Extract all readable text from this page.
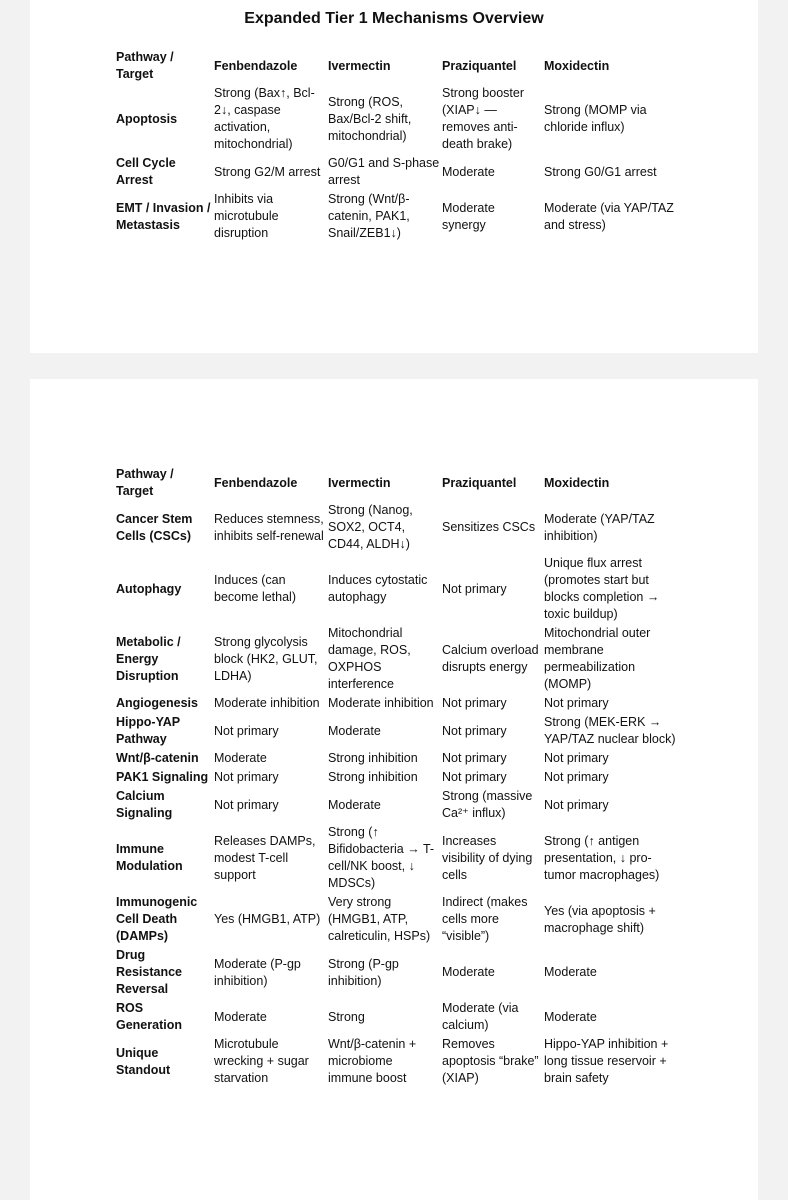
Expanded Tier 1 Mechanisms Overview
Pathway / Target	Fenbendazole	Ivermectin	Praziquantel	Moxidectin
Apoptosis	Strong (Bax↑, Bcl-2↓, caspase activation, mitochondrial)	Strong (ROS, Bax/Bcl-2 shift, mitochondrial)	Strong booster (XIAP↓ — removes anti-death brake)	Strong (MOMP via chloride influx)
Cell Cycle Arrest	Strong G2/M arrest	G0/G1 and S-phase arrest	Moderate	Strong G0/G1 arrest
EMT / Invasion / Metastasis	Inhibits via microtubule disruption	Strong (Wnt/β-catenin, PAK1, Snail/ZEB1↓)	Moderate synergy	Moderate (via YAP/TAZ and stress)
Pathway / Target	Fenbendazole	Ivermectin	Praziquantel	Moxidectin
Cancer Stem Cells (CSCs)	Reduces stemness, inhibits self-renewal	Strong (Nanog, SOX2, OCT4, CD44, ALDH↓)	Sensitizes CSCs	Moderate (YAP/TAZ inhibition)
Autophagy	Induces (can become lethal)	Induces cytostatic autophagy	Not primary	Unique flux arrest (promotes start but blocks completion → toxic buildup)
Metabolic / Energy Disruption	Strong glycolysis block (HK2, GLUT, LDHA)	Mitochondrial damage, ROS, OXPHOS interference	Calcium overload disrupts energy	Mitochondrial outer membrane permeabilization (MOMP)
Angiogenesis	Moderate inhibition	Moderate inhibition	Not primary	Not primary
Hippo-YAP Pathway	Not primary	Moderate	Not primary	Strong (MEK-ERK → YAP/TAZ nuclear block)
Wnt/β-catenin	Moderate	Strong inhibition	Not primary	Not primary
PAK1 Signaling	Not primary	Strong inhibition	Not primary	Not primary
Calcium Signaling	Not primary	Moderate	Strong (massive Ca²⁺ influx)	Not primary
Immune Modulation	Releases DAMPs, modest T-cell support	Strong (↑ Bifidobacteria → T-cell/NK boost, ↓ MDSCs)	Increases visibility of dying cells	Strong (↑ antigen presentation, ↓ pro-tumor macrophages)
Immunogenic Cell Death (DAMPs)	Yes (HMGB1, ATP)	Very strong (HMGB1, ATP, calreticulin, HSPs)	Indirect (makes cells more “visible”)	Yes (via apoptosis + macrophage shift)
Drug Resistance Reversal	Moderate (P-gp inhibition)	Strong (P-gp inhibition)	Moderate	Moderate
ROS Generation	Moderate	Strong	Moderate (via calcium)	Moderate
Unique Standout	Microtubule wrecking + sugar starvation	Wnt/β-catenin + microbiome immune boost	Removes apoptosis “brake” (XIAP)	Hippo-YAP inhibition + long tissue reservoir + brain safety
